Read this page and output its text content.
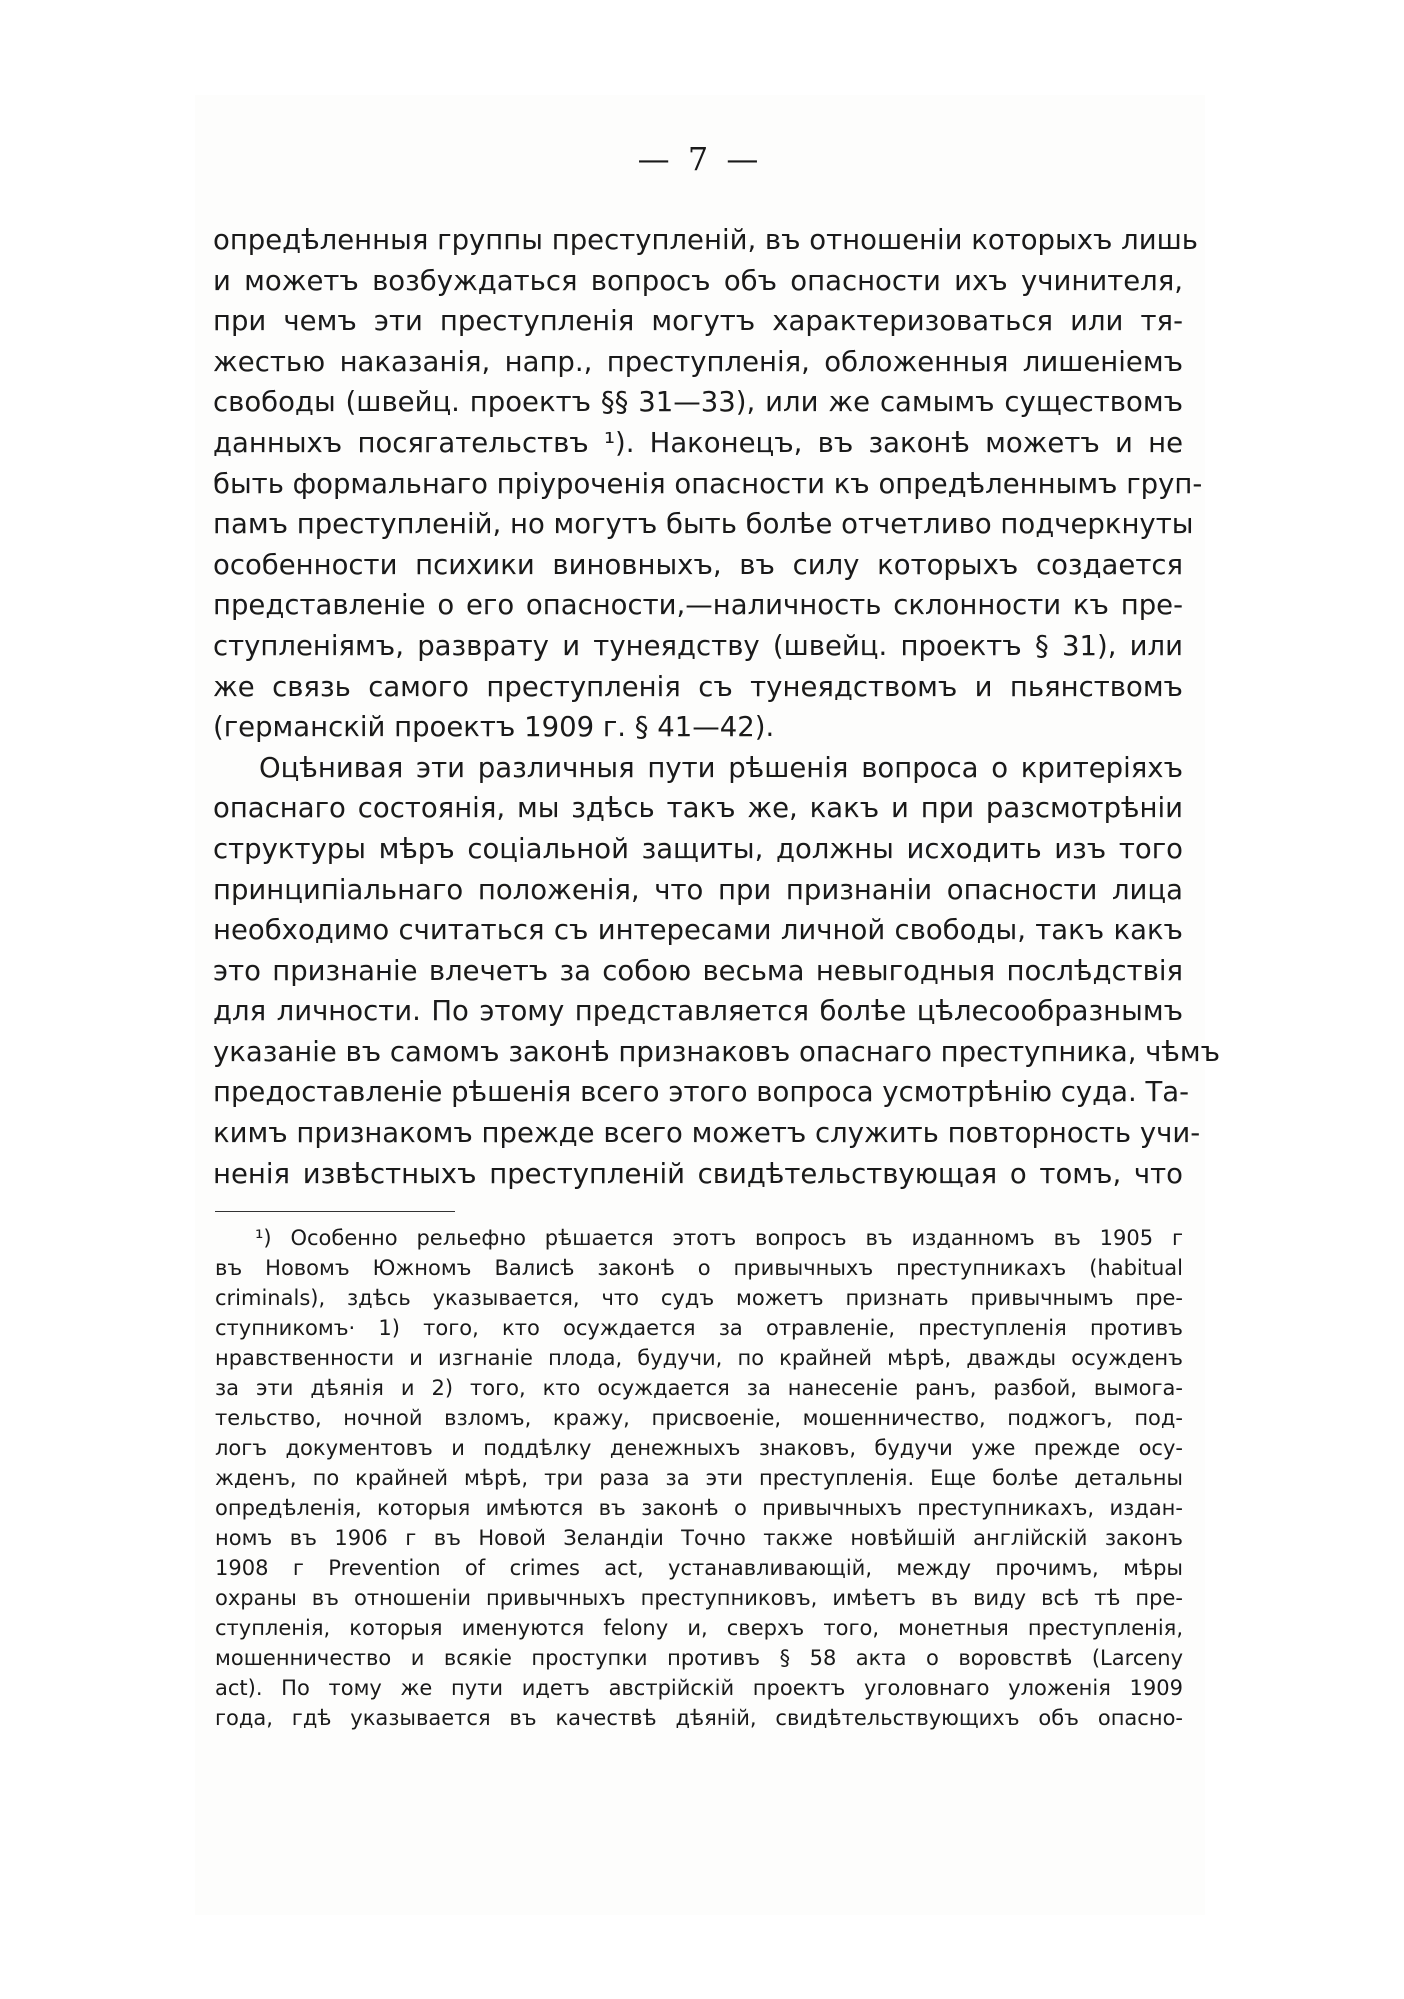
— 7 —
опредѣленныя группы преступленій, въ отношеніи которыхъ лишь
и можетъ возбуждаться вопросъ объ опасности ихъ учинителя,
при чемъ эти преступленія могутъ характеризоваться или тя-
жестью наказанія, напр., преступленія, обложенныя лишеніемъ
свободы (швейц. проектъ §§ 31—33), или же самымъ существомъ
данныхъ посягательствъ ¹). Наконецъ, въ законѣ можетъ и не
быть формальнаго пріуроченія опасности къ опредѣленнымъ груп-
памъ преступленій, но могутъ быть болѣе отчетливо подчеркнуты
особенности психики виновныхъ, въ силу которыхъ создается
представленіе о его опасности,—наличность склонности къ пре-
ступленіямъ, разврату и тунеядству (швейц. проектъ § 31), или
же связь самого преступленія съ тунеядствомъ и пьянствомъ
(германскій проектъ 1909 г. § 41—42).
Оцѣнивая эти различныя пути рѣшенія вопроса о критеріяхъ
опаснаго состоянія, мы здѣсь такъ же, какъ и при разсмотрѣніи
структуры мѣръ соціальной защиты, должны исходить изъ того
принципіальнаго положенія, что при признаніи опасности лица
необходимо считаться съ интересами личной свободы, такъ какъ
это признаніе влечетъ за собою весьма невыгодныя послѣдствія
для личности. По этому представляется болѣе цѣлесообразнымъ
указаніе въ самомъ законѣ признаковъ опаснаго преступника, чѣмъ
предоставленіе рѣшенія всего этого вопроса усмотрѣнію суда. Та-
кимъ признакомъ прежде всего можетъ служить повторность учи-
ненія извѣстныхъ преступленій свидѣтельствующая о томъ, что
¹) Особенно рельефно рѣшается этотъ вопросъ въ изданномъ въ 1905 г
въ Новомъ Южномъ Валисѣ законѣ о привычныхъ преступникахъ (habitual
criminals), здѣсь указывается, что судъ можетъ признать привычнымъ пре-
ступникомъ· 1) того, кто осуждается за отравленіе, преступленія противъ
нравственности и изгнаніе плода, будучи, по крайней мѣрѣ, дважды осужденъ
за эти дѣянія и 2) того, кто осуждается за нанесеніе ранъ, разбой, вымога-
тельство, ночной взломъ, кражу, присвоеніе, мошенничество, поджогъ, под-
логъ документовъ и поддѣлку денежныхъ знаковъ, будучи уже прежде осу-
жденъ, по крайней мѣрѣ, три раза за эти преступленія. Еще болѣе детальны
опредѣленія, которыя имѣются въ законѣ о привычныхъ преступникахъ, издан-
номъ въ 1906 г въ Новой Зеландіи Точно также новѣйшій англійскій законъ
1908 г Prevention of crimes act, устанавливающій, между прочимъ, мѣры
охраны въ отношеніи привычныхъ преступниковъ, имѣетъ въ виду всѣ тѣ пре-
ступленія, которыя именуются felony и, сверхъ того, монетныя преступленія,
мошенничество и всякіе проступки противъ § 58 акта о воровствѣ (Larceny
act). По тому же пути идетъ австрійскій проектъ уголовнаго уложенія 1909
года, гдѣ указывается въ качествѣ дѣяній, свидѣтельствующихъ объ опасно-
